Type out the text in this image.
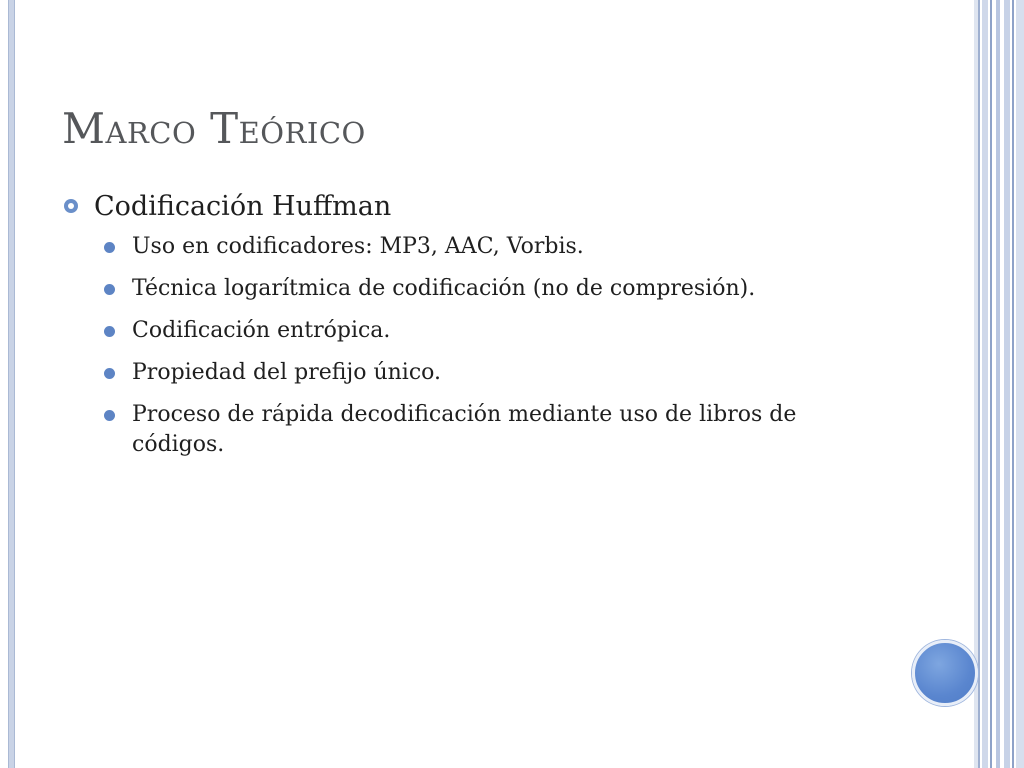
Marco Teórico
Codificación Huffman
Uso en codificadores: MP3, AAC, Vorbis.
Técnica logarítmica de codificación (no de compresión).
Codificación entrópica.
Propiedad del prefijo único.
Proceso de rápida decodificación mediante uso de libros de códigos.
